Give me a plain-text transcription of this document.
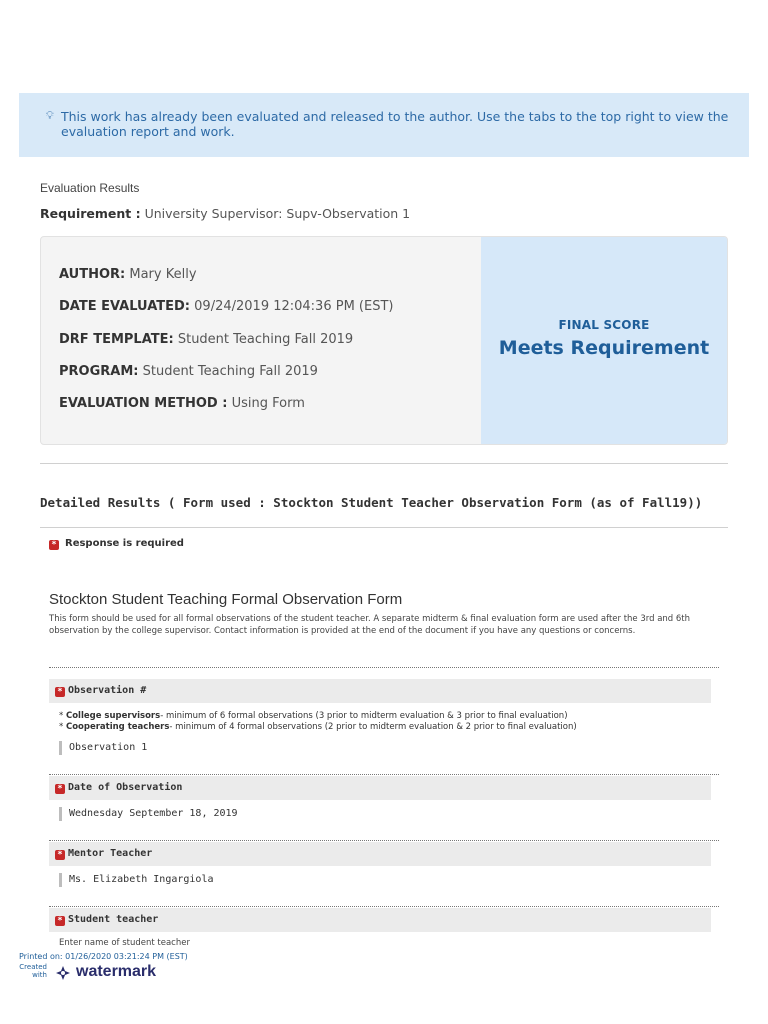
💡︎ This work has already been evaluated and released to the author. Use the tabs to the top right to view the evaluation report and work.
Evaluation Results
Requirement : University Supervisor: Supv-Observation 1
AUTHOR: Mary Kelly
DATE EVALUATED: 09/24/2019 12:04:36 PM (EST)
DRF TEMPLATE: Student Teaching Fall 2019
PROGRAM: Student Teaching Fall 2019
EVALUATION METHOD : Using Form
FINAL SCORE
Meets Requirement
Detailed Results ( Form used : Stockton Student Teacher Observation Form (as of Fall19))
* Response is required
Stockton Student Teaching Formal Observation Form
This form should be used for all formal observations of the student teacher. A separate midterm & final evaluation form are used after the 3rd and 6th observation by the college supervisor. Contact information is provided at the end of the document if you have any questions or concerns.
* Observation #
* College supervisors- minimum of 6 formal observations (3 prior to midterm evaluation & 3 prior to final evaluation)
* Cooperating teachers- minimum of 4 formal observations (2 prior to midterm evaluation & 2 prior to final evaluation)
Observation 1
* Date of Observation
Wednesday September 18, 2019
* Mentor Teacher
Ms. Elizabeth Ingargiola
* Student teacher
Enter name of student teacher
Printed on: 01/26/2020 03:21:24 PM (EST)
Created
with watermark
